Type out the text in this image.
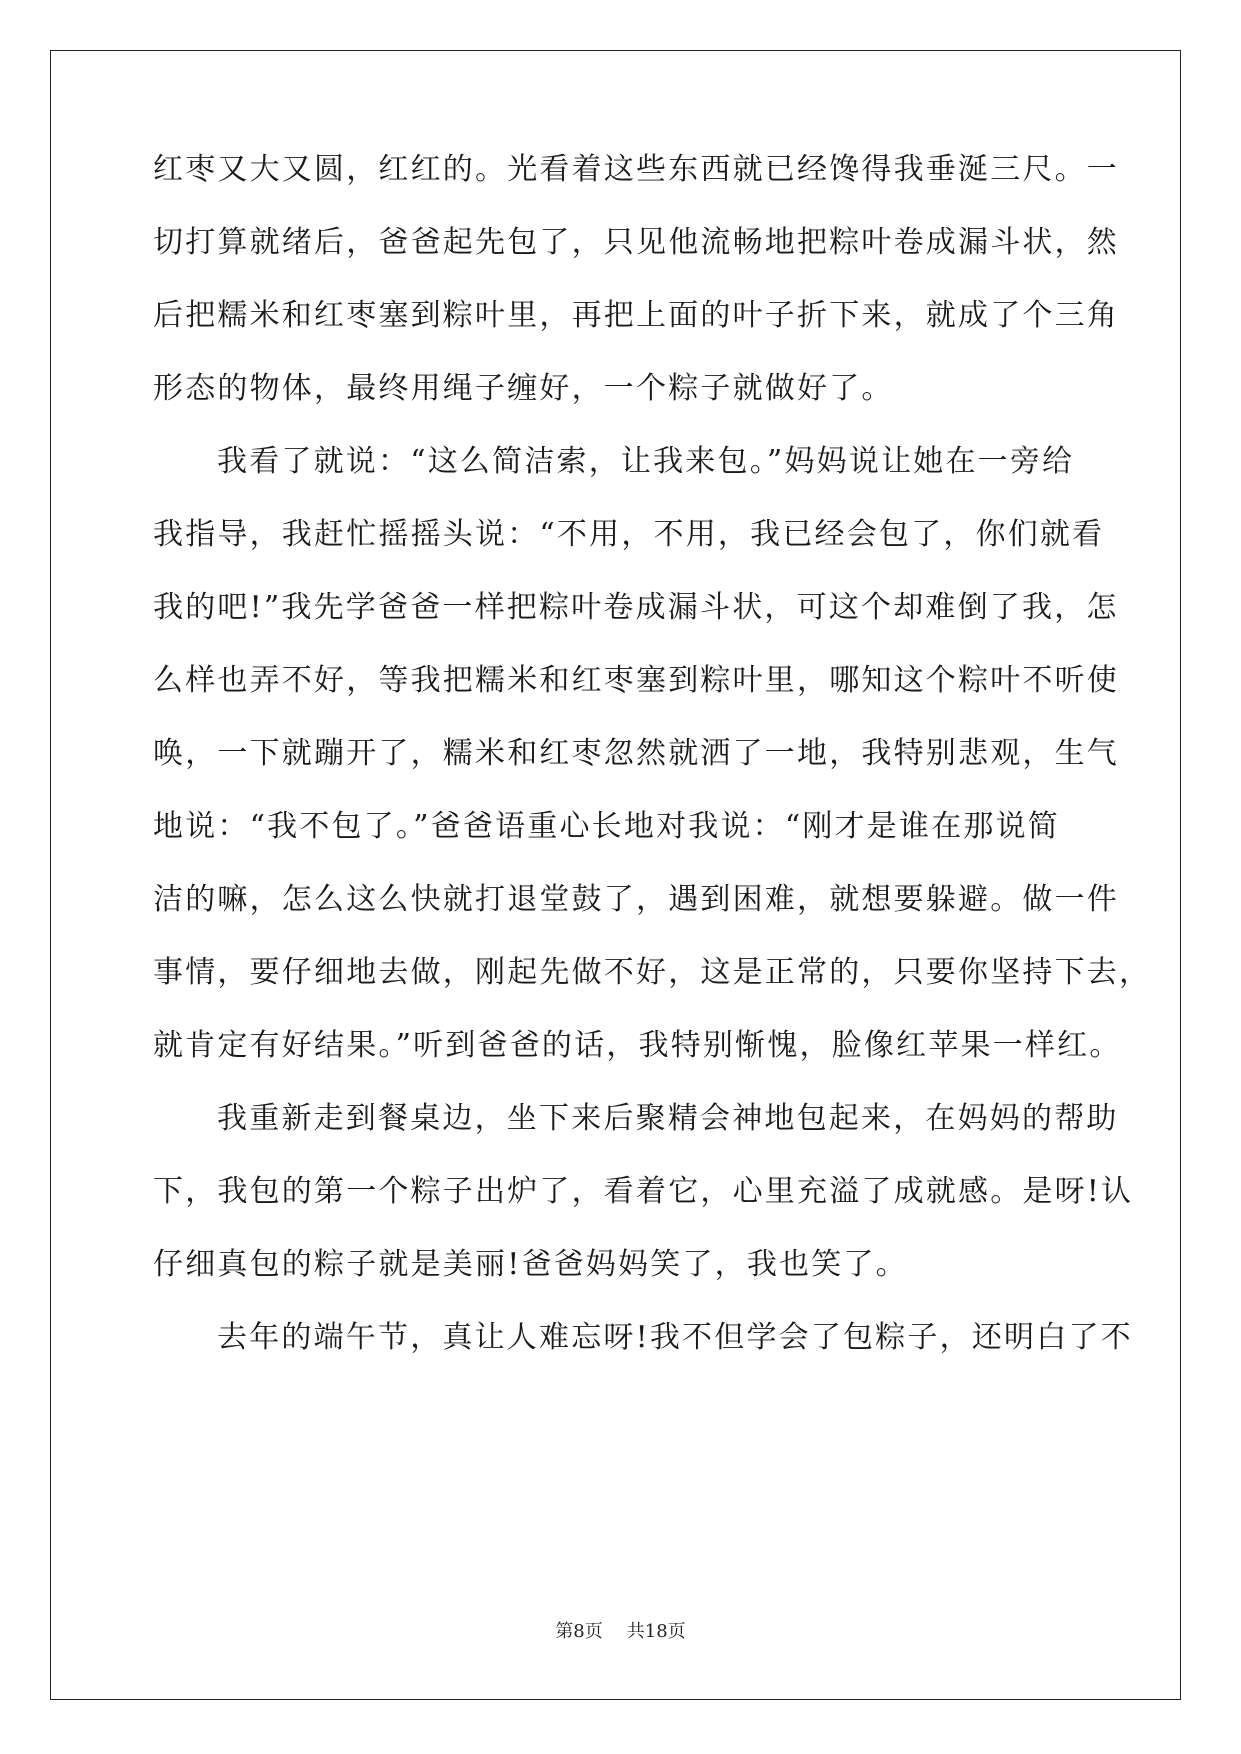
红枣又大又圆，红红的。光看着这些东西就已经馋得我垂涎三尺。一
切打算就绪后，爸爸起先包了，只见他流畅地把粽叶卷成漏斗状，然
后把糯米和红枣塞到粽叶里，再把上面的叶子折下来，就成了个三角
形态的物体，最终用绳子缠好，一个粽子就做好了。
我看了就说：“这么简洁索，让我来包。”妈妈说让她在一旁给
我指导，我赶忙摇摇头说：“不用，不用，我已经会包了，你们就看
我的吧!”我先学爸爸一样把粽叶卷成漏斗状，可这个却难倒了我，怎
么样也弄不好，等我把糯米和红枣塞到粽叶里，哪知这个粽叶不听使
唤，一下就蹦开了，糯米和红枣忽然就洒了一地，我特别悲观，生气
地说：“我不包了。”爸爸语重心长地对我说：“刚才是谁在那说简
洁的嘛，怎么这么快就打退堂鼓了，遇到困难，就想要躲避。做一件
事情，要仔细地去做，刚起先做不好，这是正常的，只要你坚持下去，
就肯定有好结果。”听到爸爸的话，我特别惭愧，脸像红苹果一样红。
我重新走到餐桌边，坐下来后聚精会神地包起来，在妈妈的帮助
下，我包的第一个粽子出炉了，看着它，心里充溢了成就感。是呀!认
仔细真包的粽子就是美丽!爸爸妈妈笑了，我也笑了。
去年的端午节，真让人难忘呀!我不但学会了包粽子，还明白了不
第8页 共18页
